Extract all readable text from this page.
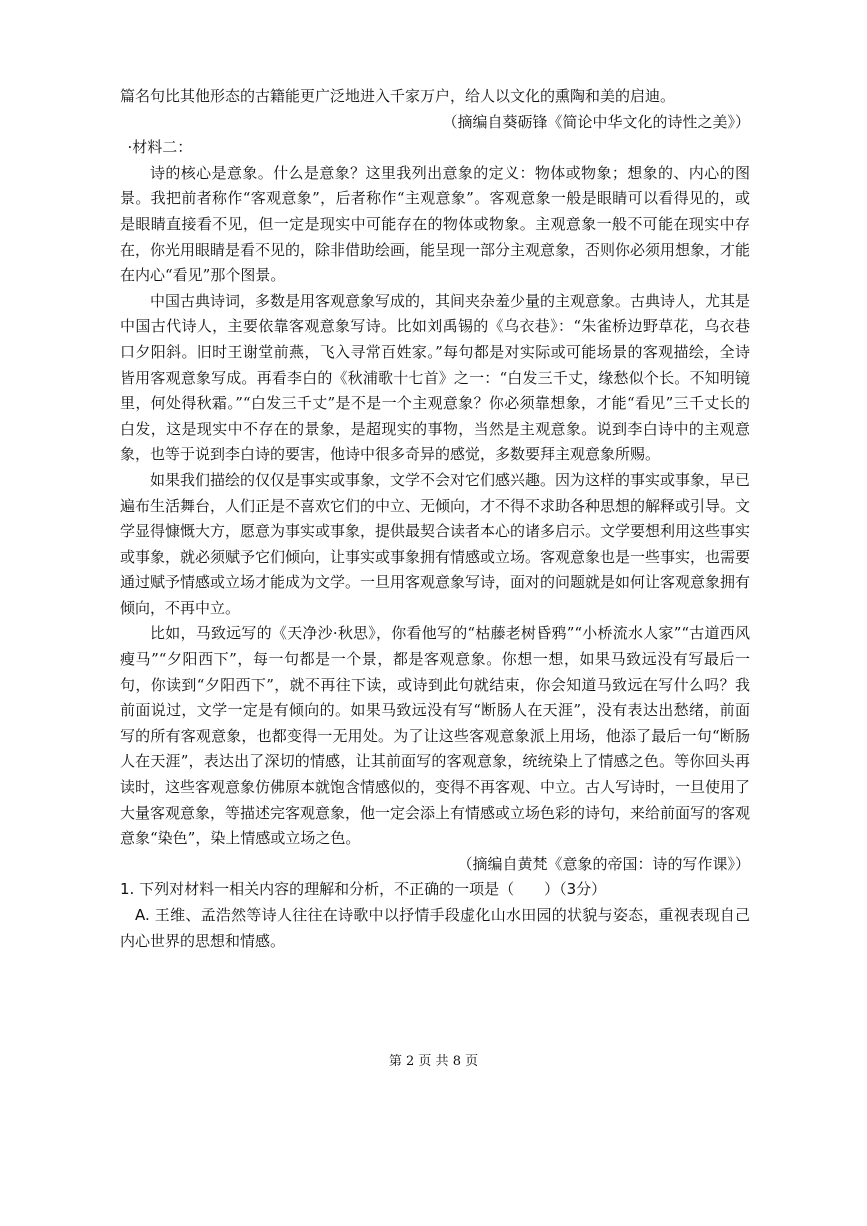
篇名句比其他形态的古籍能更广泛地进入千家万户，给人以文化的熏陶和美的启迪。

（摘编自葵砺锋《简论中华文化的诗性之美》）

·材料二：

诗的核心是意象。什么是意象？这里我列出意象的定义：物体或物象；想象的、内心的图景。我把前者称作“客观意象”，后者称作“主观意象”。客观意象一般是眼睛可以看得见的，或是眼睛直接看不见，但一定是现实中可能存在的物体或物象。主观意象一般不可能在现实中存在，你光用眼睛是看不见的，除非借助绘画，能呈现一部分主观意象，否则你必须用想象，才能在内心“看见”那个图景。

中国古典诗词，多数是用客观意象写成的，其间夹杂羞少量的主观意象。古典诗人，尤其是中国古代诗人，主要依靠客观意象写诗。比如刘禹锡的《乌衣巷》：“朱雀桥边野草花，乌衣巷口夕阳斜。旧时王谢堂前燕，飞入寻常百姓家。”每句都是对实际或可能场景的客观描绘，全诗皆用客观意象写成。再看李白的《秋浦歌十七首》之一：“白发三千丈，缘愁似个长。不知明镜里，何处得秋霜。”“白发三千丈”是不是一个主观意象？你必须靠想象，才能“看见”三千丈长的白发，这是现实中不存在的景象，是超现实的事物，当然是主观意象。说到李白诗中的主观意象，也等于说到李白诗的要害，他诗中很多奇异的感觉，多数要拜主观意象所赐。

如果我们描绘的仅仅是事实或事象，文学不会对它们感兴趣。因为这样的事实或事象，早已遍布生活舞台，人们正是不喜欢它们的中立、无倾向，才不得不求助各种思想的解释或引导。文学显得慷慨大方，愿意为事实或事象，提供最契合读者本心的诸多启示。文学要想利用这些事实或事象，就必须赋予它们倾向，让事实或事象拥有情感或立场。客观意象也是一些事实，也需要通过赋予情感或立场才能成为文学。一旦用客观意象写诗，面对的问题就是如何让客观意象拥有倾向，不再中立。

比如，马致远写的《天净沙·秋思》，你看他写的“枯藤老树昏鸦”“小桥流水人家”“古道西风瘦马”“夕阳西下”，每一句都是一个景，都是客观意象。你想一想，如果马致远没有写最后一句，你读到“夕阳西下”，就不再往下读，或诗到此句就结束，你会知道马致远在写什么吗？我前面说过，文学一定是有倾向的。如果马致远没有写“断肠人在天涯”，没有表达出愁绪，前面写的所有客观意象，也都变得一无用处。为了让这些客观意象派上用场，他添了最后一句“断肠人在天涯”，表达出了深切的情感，让其前面写的客观意象，统统染上了情感之色。等你回头再读时，这些客观意象仿佛原本就饱含情感似的，变得不再客观、中立。古人写诗时，一旦使用了大量客观意象，等描述完客观意象，他一定会添上有情感或立场色彩的诗句，来给前面写的客观意象“染色”，染上情感或立场之色。

（摘编自黄梵《意象的帝国：诗的写作课》）

1. 下列对材料一相关内容的理解和分析，不正确的一项是（　　）（3分）

A. 王维、孟浩然等诗人往往在诗歌中以抒情手段虚化山水田园的状貌与姿态，重视表现自己内心世界的思想和情感。

第 2 页 共 8 页
